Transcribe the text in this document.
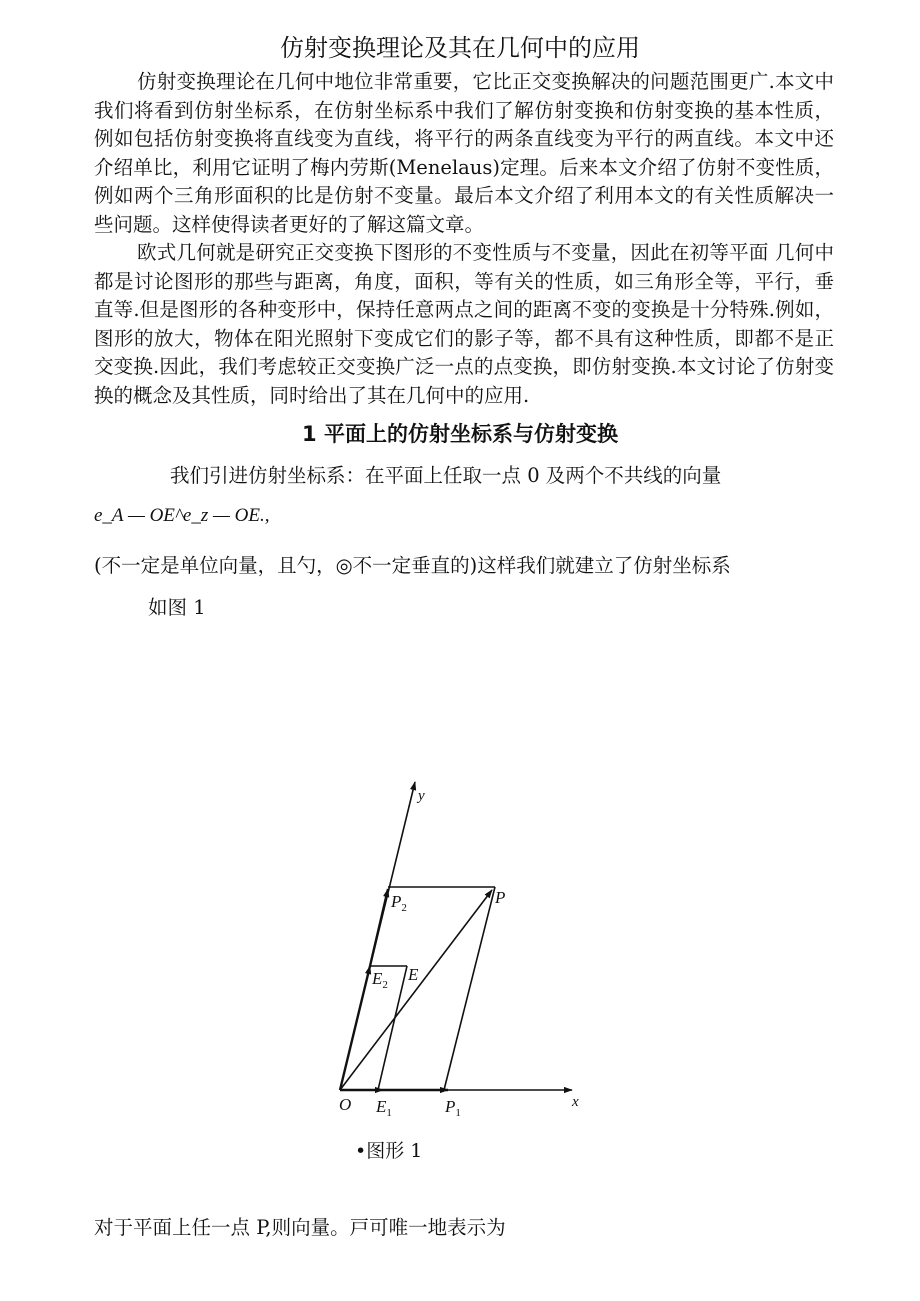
仿射变换理论及其在几何中的应用

仿射变换理论在几何中地位非常重要，它比正交变换解决的问题范围更广.本文中我们将看到仿射坐标系，在仿射坐标系中我们了解仿射变换和仿射变换的基本性质，例如包括仿射变换将直线变为直线，将平行的两条直线变为平行的两直线。本文中还介绍单比，利用它证明了梅内劳斯(Menelaus)定理。后来本文介绍了仿射不变性质，例如两个三角形面积的比是仿射不变量。最后本文介绍了利用本文的有关性质解决一些问题。这样使得读者更好的了解这篇文章。

欧式几何就是研究正交变换下图形的不变性质与不变量，因此在初等平面 几何中都是讨论图形的那些与距离，角度，面积，等有关的性质，如三角形全等，平行，垂直等.但是图形的各种变形中，保持任意两点之间的距离不变的变换是十分特殊.例如，图形的放大，物体在阳光照射下变成它们的影子等，都不具有这种性质，即都不是正交变换.因此，我们考虑较正交变换广泛一点的点变换，即仿射变换.本文讨论了仿射变换的概念及其性质，同时给出了其在几何中的应用.

1 平面上的仿射坐标系与仿射变换
我们引进仿射坐标系：在平面上任取一点 0 及两个不共线的向量
e_A — OE^e_z — OE.,
(不一定是单位向量，且勺，◎不一定垂直的)这样我们就建立了仿射坐标系
如图 1
y
x
O $E_1$	$P_1$
$E_2$
$P_2$
E
P
•图形 1
对于平面上任一点 P,则向量。戸可唯一地表示为
